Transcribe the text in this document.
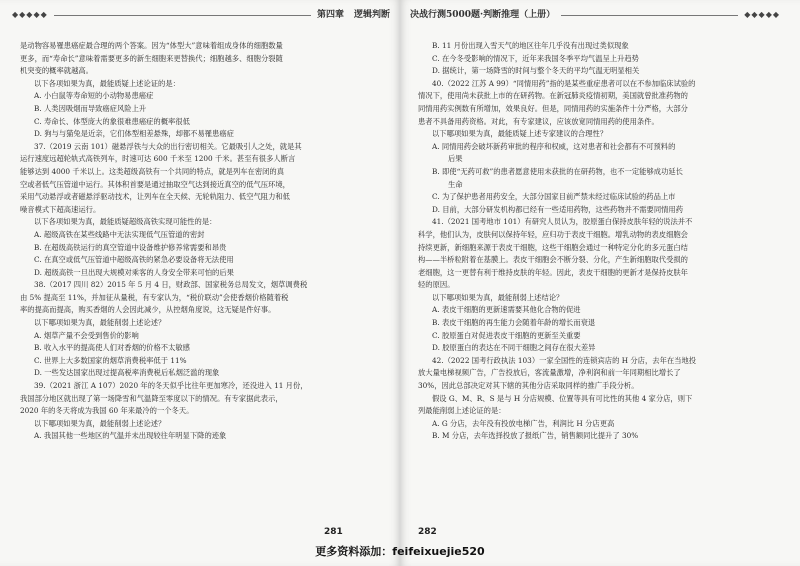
◆◆◆◆◆	第四章 逻辑判断
是动物容易罹患癌症最合理的两个答案。因为“体型大”意味着组成身体的细胞数量
更多，而“寿命长”意味着需要更多的新生细胞来更替换代；细胞越多、细胞分裂随
机突变的概率就越高。
以下各项如果为真，最能质疑上述论证的是：
A. 小白鼠等寿命短的小动物易患癌症
B. 人类因吸烟而导致癌症风险上升
C. 寿命长、体型庞大的象很难患癌症的概率很低
D. 狗与与猫兔是近亲，它们体型相差悬殊，却都不易罹患癌症
37.（2019 云南 101）磁悬浮铁与大众的出行密切相关。它最吸引人之处，就是其
运行速度远超轮轨式高铁列车，时速可达 600 千米至 1200 千米。甚至有很多人断言
能够达到 4000 千米以上。这类超级高铁有一个共同的特点，就是列车在密闭的真
空或者低气压管道中运行。其体积首要是通过抽取空气达到接近真空的低气压环境，
采用气动悬浮或者磁悬浮驱动技术，让列车在全天候、无轮轨阻力、低空气阻力和低
噪音模式下超高速运行。
以下各项如果为真，最能质疑超级高铁实现可能性的是：
A. 超级高铁在某些线路中无法实现低气压管道的密封
B. 在超级高铁运行的真空管道中设备维护修养常需要和昂贵
C. 在真空或低气压管道中超级高铁的紧急必要设备将无法使用
D. 超级高铁一旦出现大规模对乘客的人身安全带来可怕的后果
38.（2017 四川 82）2015 年 5 月 4 日，财政部、国家税务总局发文，烟草调费税
由 5% 提高至 11%，并加征从量税，有专家认为，“税价联动”会使香烟价格随着税
率的提高而提高，购买香烟的人会因此减少，从控烟角度说，这无疑是件好事。
以下哪项如果为真，最能削弱上述论述？
A. 烟草产量不会受到售价的影响
B. 收入水平的提高使人们对香烟的价格不太敏感
C. 世界上大多数国家的烟草消费税率低于 11%
D. 一些发达国家出现过提高税率消费税后私烟泛滥的现象
39.（2021 浙江 A 107）2020 年的冬天似乎比往年更加寒冷，还没进入 11 月份，
我国部分地区就出现了第一场降雪和气温降至零度以下的情况。有专家据此表示，
2020 年的冬天将成为我国 60 年来最冷的一个冬天。
以下哪项如果为真，最能削弱上述论述？
A. 我国其他一些地区的气温并未出现较往年明显下降的迹象
281
决战行测5000题·判断推理（上册）	◆◆◆◆◆
B. 11 月份出现入雪天气的地区往年几乎没有出现过类似现象
C. 在今冬受影响的情况下，近年来我国冬季平均气温呈上升趋势
D. 据统计，第一场降雪的时间与整个冬天的平均气温无明显相关
40.（2022 江苏 A 99）“同情用药”指的是某些重症患者可以在不参加临床试验的
情况下，使用尚未获批上市的在研药物。在新冠肺炎疫情初期，美国就曾批准药物的
同情用药实例数有所增加，效果良好。但是，同情用药的实施条件十分严格，大部分
患者不具备用药资格。对此，有专家建议，应该放宽同情用药的使用条件。
以下哪项如果为真，最能质疑上述专家建议的合理性？
A. 同情用药会破坏新药审批的程序和权威，这对患者和社会都有不可预料的
后果
B. 即使“无药可救”的患者愿意使用未获批的在研药物，也不一定能够成功延长
生命
C. 为了保护患者用药安全，大部分国家目前严禁未经过临床试验的药品上市
D. 目前，大部分研发机构都已经有一些适用药物，这些药物并不需要同情用药
41.（2021 国考地市 101）有研究人员认为，胶原蛋白保持皮肤年轻的说法并不
科学，他们认为，皮肤何以保持年轻，应归功于表皮干细胞。增乳动物的表皮细胞会
持续更新，新细胞来源于表皮干细胞，这些干细胞会通过一种特定分化的多元蛋白结
构——半桥粒附着在基膜上。表皮干细胞会不断分裂、分化，产生新细胞取代受损的
老细胞，这一更替有利于维持皮肤的年轻。因此，表皮干细胞的更新才是保持皮肤年
轻的原因。
以下哪项如果为真，最能削弱上述结论？
A. 表皮干细胞的更新速需要其他化合物的促进
B. 表皮干细胞的再生能力会随着年龄的增长而衰退
C. 胶原蛋白对促进表皮干细胞的更新至关重要
D. 胶原蛋白的表达在不同干细胞之间存在很大差异
42.（2022 国考行政执法 103）一家全国性的连锁宾店的 H 分店，去年在当地投
放大量电梯视频广告，广告投放后，客流量激增，净利润和前一年同期相比增长了
30%，因此总部决定对其下辖的其他分店采取同样的推广手段分析。
假设 G、M、R、S 是与 H 分店规模、位置等具有可比性的其他 4 家分店，则下
列最能削弱上述论证的是：
A. G 分店，去年没有投放电梯广告，利润比 H 分店更高
B. M 分店，去年选择投放了报纸广告，销售额同比提升了 30%
282
更多资料添加：feifeixuejie520
